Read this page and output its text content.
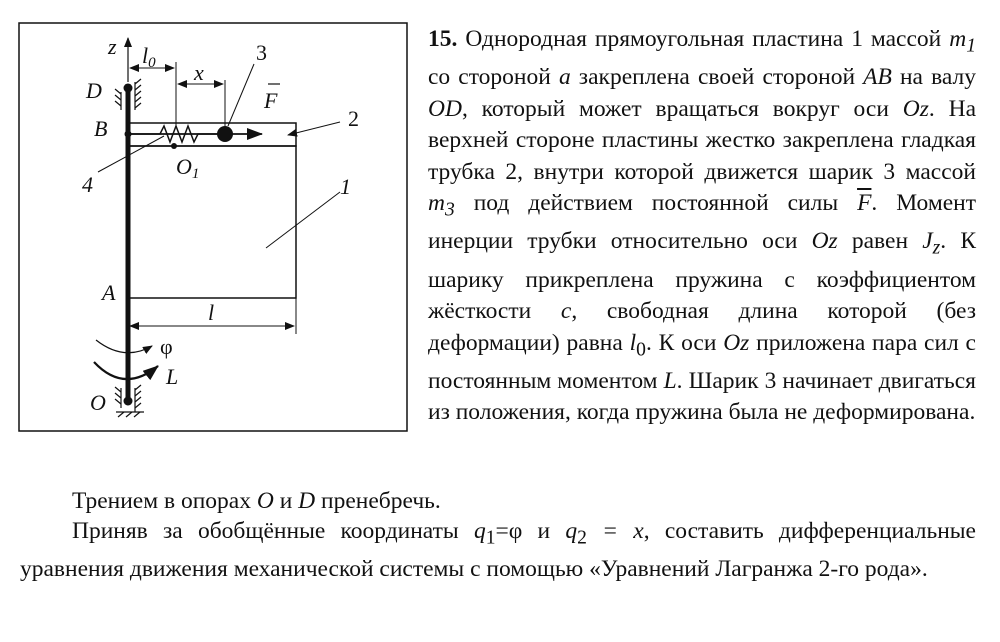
z l0 x
3
F
2
D
B
4
O1	1
A
l
φ
L
O

15. Однородная прямоугольная пластина 1 массой $m_1$ со стороной a закреплена своей стороной AB на валу OD, который может вращаться вокруг оси Oz. На верхней стороне пластины жестко закреплена гладкая трубка 2, внутри которой движется шарик 3 массой $m_3$ под действием постоянной силы $\overline{F}$. Момент инерции трубки относительно оси Oz равен $J_z$. К шарику прикреплена пружина с коэффициентом жёсткости c, свободная длина которой (без деформации) равна $l_0$. К оси Oz приложена пара сил с постоянным моментом L. Шарик 3 начинает двигаться из положения, когда пружина была не деформирована.

Трением в опорах O и D пренебречь.

Приняв за обобщённые координаты $q_1=\varphi$ и $q_2 = x$, составить дифференциальные уравнения движения механической системы с помощью «Уравнений Лагранжа 2-го рода».
